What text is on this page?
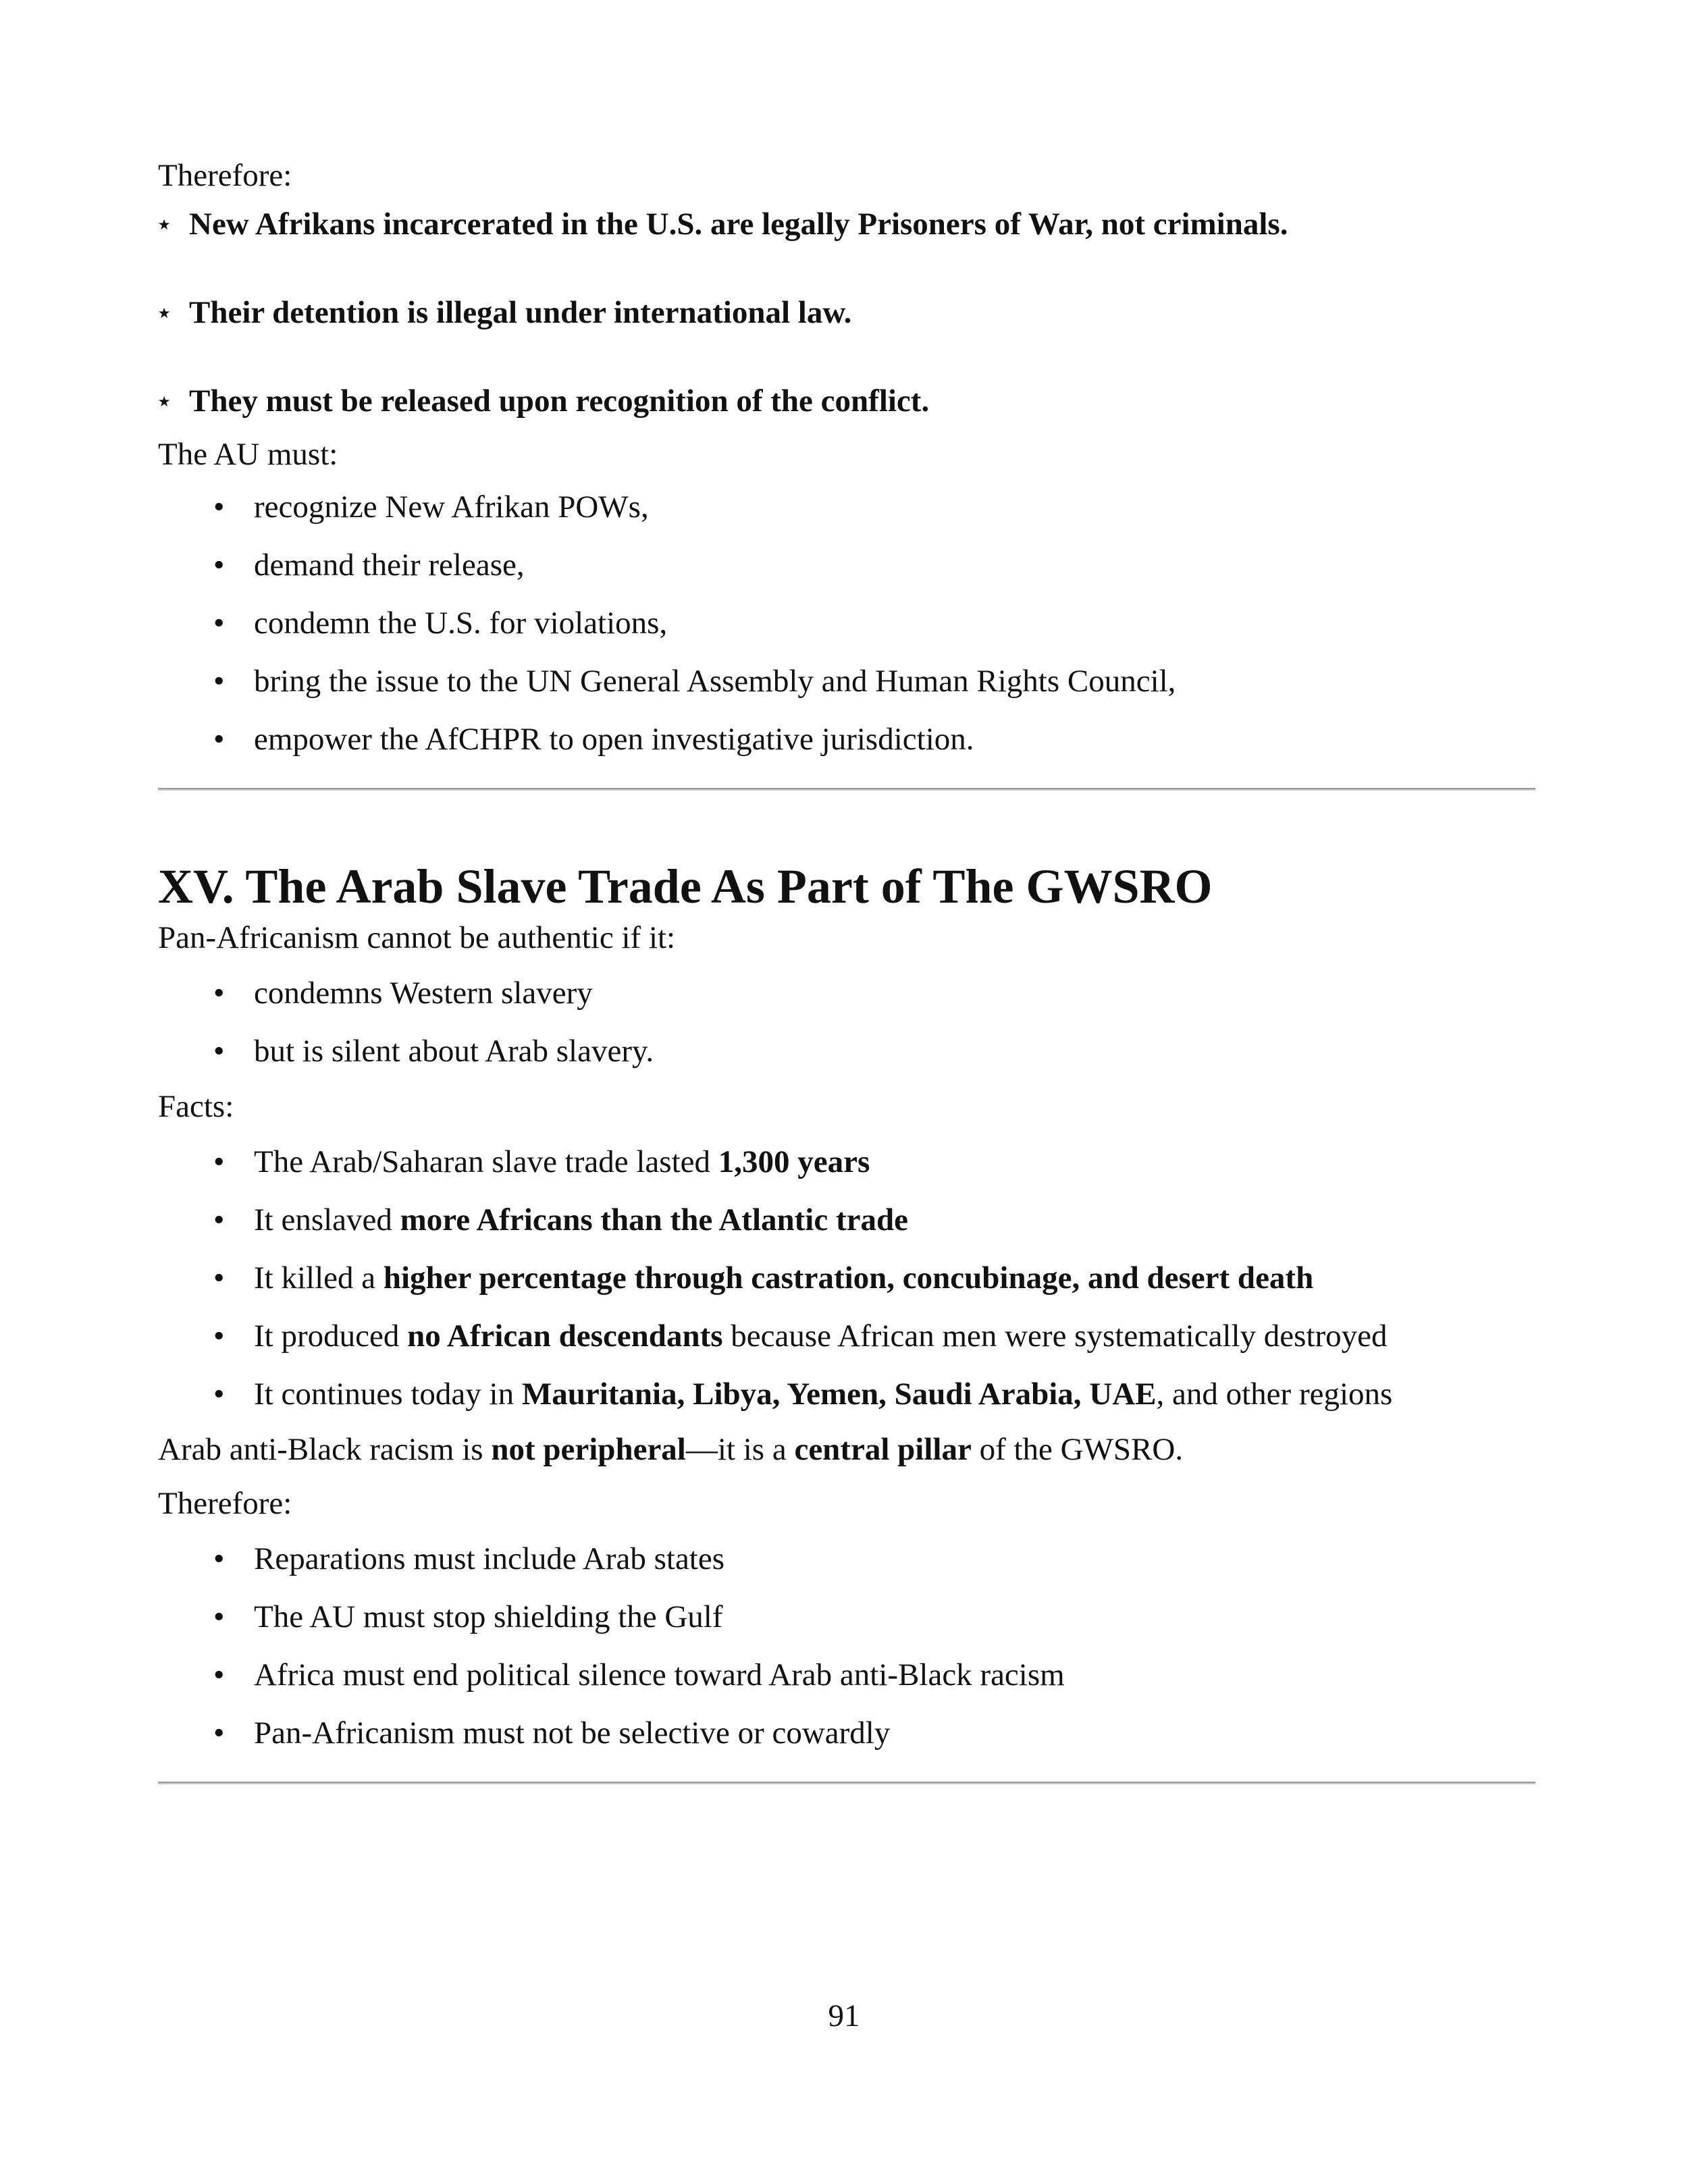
Therefore:

⭑ New Afrikans incarcerated in the U.S. are legally Prisoners of War, not criminals.

⭑ Their detention is illegal under international law.

⭑ They must be released upon recognition of the conflict.

The AU must:

• recognize New Afrikan POWs,
• demand their release,
• condemn the U.S. for violations,
• bring the issue to the UN General Assembly and Human Rights Council,
• empower the AfCHPR to open investigative jurisdiction.
XV. The Arab Slave Trade As Part of The GWSRO

Pan-Africanism cannot be authentic if it:

• condemns Western slavery
• but is silent about Arab slavery.

Facts:

• The Arab/Saharan slave trade lasted 1,300 years
• It enslaved more Africans than the Atlantic trade
• It killed a higher percentage through castration, concubinage, and desert death
• It produced no African descendants because African men were systematically destroyed
• It continues today in Mauritania, Libya, Yemen, Saudi Arabia, UAE, and other regions

Arab anti-Black racism is not peripheral—it is a central pillar of the GWSRO.

Therefore:

• Reparations must include Arab states
• The AU must stop shielding the Gulf
• Africa must end political silence toward Arab anti-Black racism
• Pan-Africanism must not be selective or cowardly
91
